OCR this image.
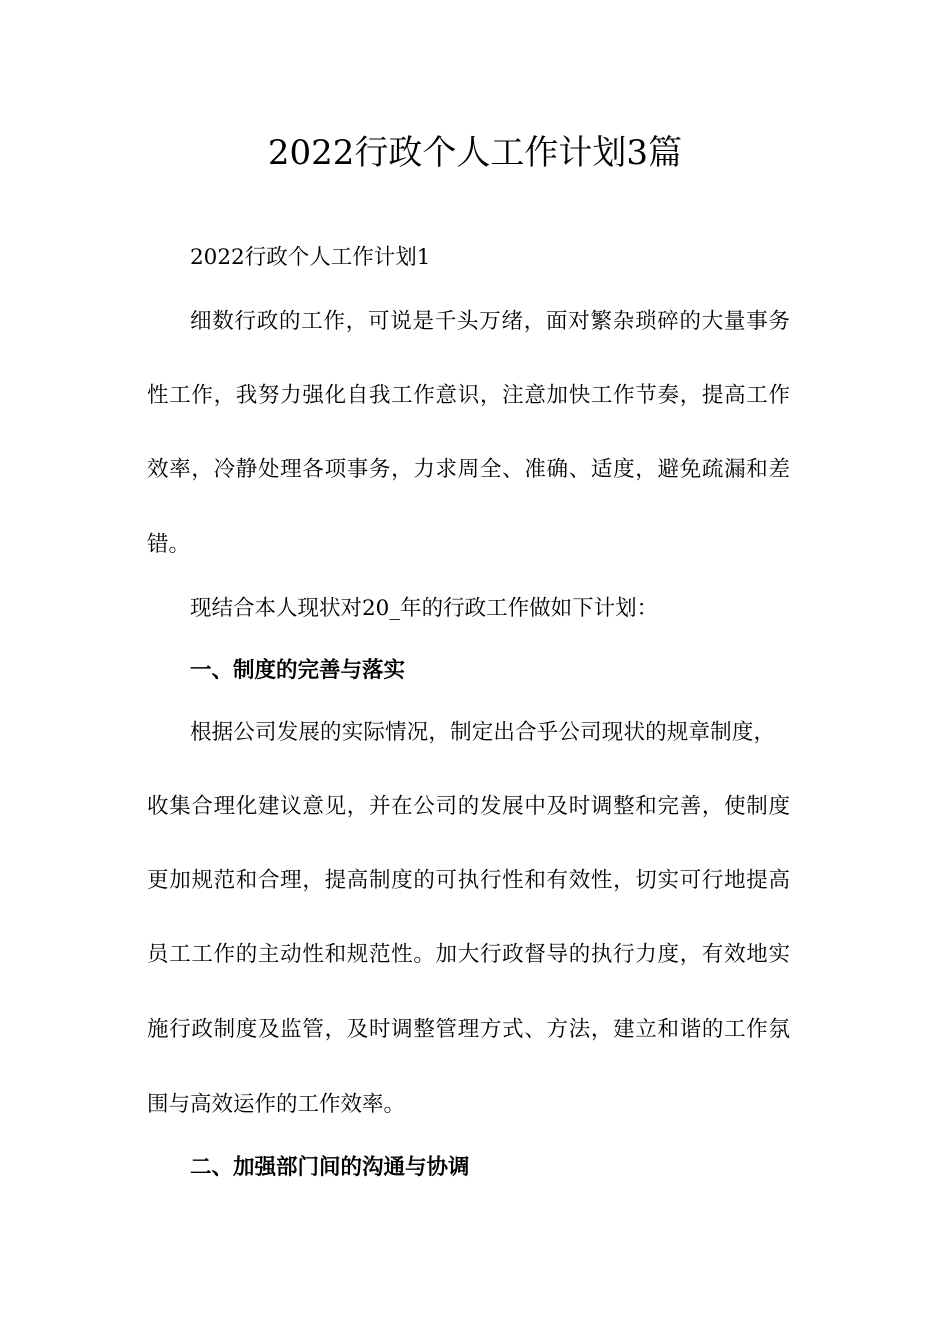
2022行政个人工作计划3篇
2022行政个人工作计划1
细数行政的工作，可说是千头万绪，面对繁杂琐碎的大量事务
性工作，我努力强化自我工作意识，注意加快工作节奏，提高工作
效率，冷静处理各项事务，力求周全、准确、适度，避免疏漏和差
错。
现结合本人现状对20_年的行政工作做如下计划：
一、制度的完善与落实
根据公司发展的实际情况，制定出合乎公司现状的规章制度，
收集合理化建议意见，并在公司的发展中及时调整和完善，使制度
更加规范和合理，提高制度的可执行性和有效性，切实可行地提高
员工工作的主动性和规范性。加大行政督导的执行力度，有效地实
施行政制度及监管，及时调整管理方式、方法，建立和谐的工作氛
围与高效运作的工作效率。
二、加强部门间的沟通与协调
